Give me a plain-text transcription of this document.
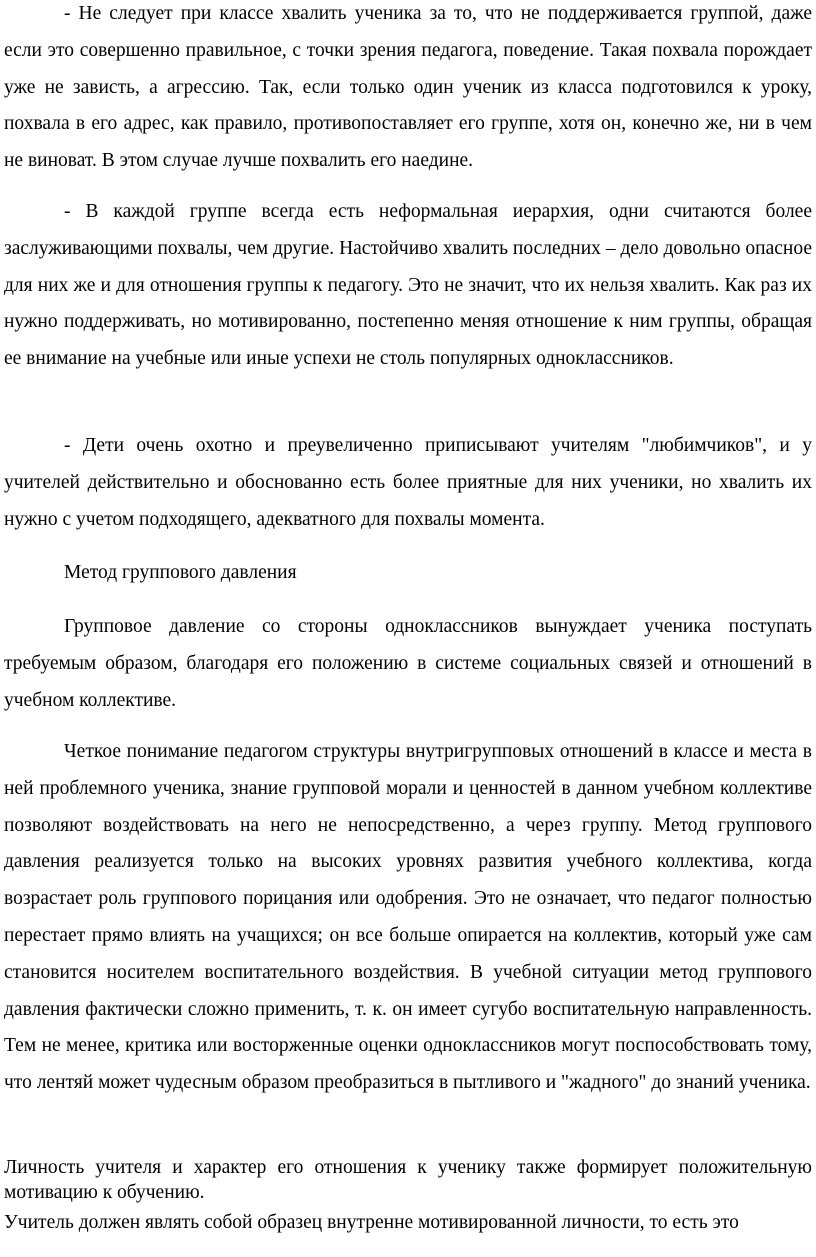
- Не следует при классе хвалить ученика за то, что не поддерживается группой, даже если это совершенно правильное, с точки зрения педагога, поведение. Такая похвала порождает уже не зависть, а агрессию. Так, если только один ученик из класса подготовился к уроку, похвала в его адрес, как правило, противопоставляет его группе, хотя он, конечно же, ни в чем не виноват. В этом случае лучше похвалить его наедине.

- В каждой группе всегда есть неформальная иерархия, одни считаются более заслуживающими похвалы, чем другие. Настойчиво хвалить последних – дело довольно опасное для них же и для отношения группы к педагогу. Это не значит, что их нельзя хвалить. Как раз их нужно поддерживать, но мотивированно, постепенно меняя отношение к ним группы, обращая ее внимание на учебные или иные успехи не столь популярных одноклассников.

- Дети очень охотно и преувеличенно приписывают учителям "любимчиков", и у учителей действительно и обоснованно есть более приятные для них ученики, но хвалить их нужно с учетом подходящего, адекватного для похвалы момента.

Метод группового давления

Групповое давление со стороны одноклассников вынуждает ученика поступать требуемым образом, благодаря его положению в системе социальных связей и отношений в учебном коллективе.

Четкое понимание педагогом структуры внутригрупповых отношений в классе и места в ней проблемного ученика, знание групповой морали и ценностей в данном учебном коллективе позволяют воздействовать на него не непосредственно, а через группу. Метод группового давления реализуется только на высоких уровнях развития учебного коллектива, когда возрастает роль группового порицания или одобрения. Это не означает, что педагог полностью перестает прямо влиять на учащихся; он все больше опирается на коллектив, который уже сам становится носителем воспитательного воздействия. В учебной ситуации метод группового давления фактически сложно применить, т. к. он имеет сугубо воспитательную направленность. Тем не менее, критика или восторженные оценки одноклассников могут поспособствовать тому, что лентяй может чудесным образом преобразиться в пытливого и "жадного" до знаний ученика.

Личность учителя и характер его отношения к ученику также формирует положительную мотивацию к обучению.

Учитель должен являть собой образец внутренне мотивированной личности, то есть это
